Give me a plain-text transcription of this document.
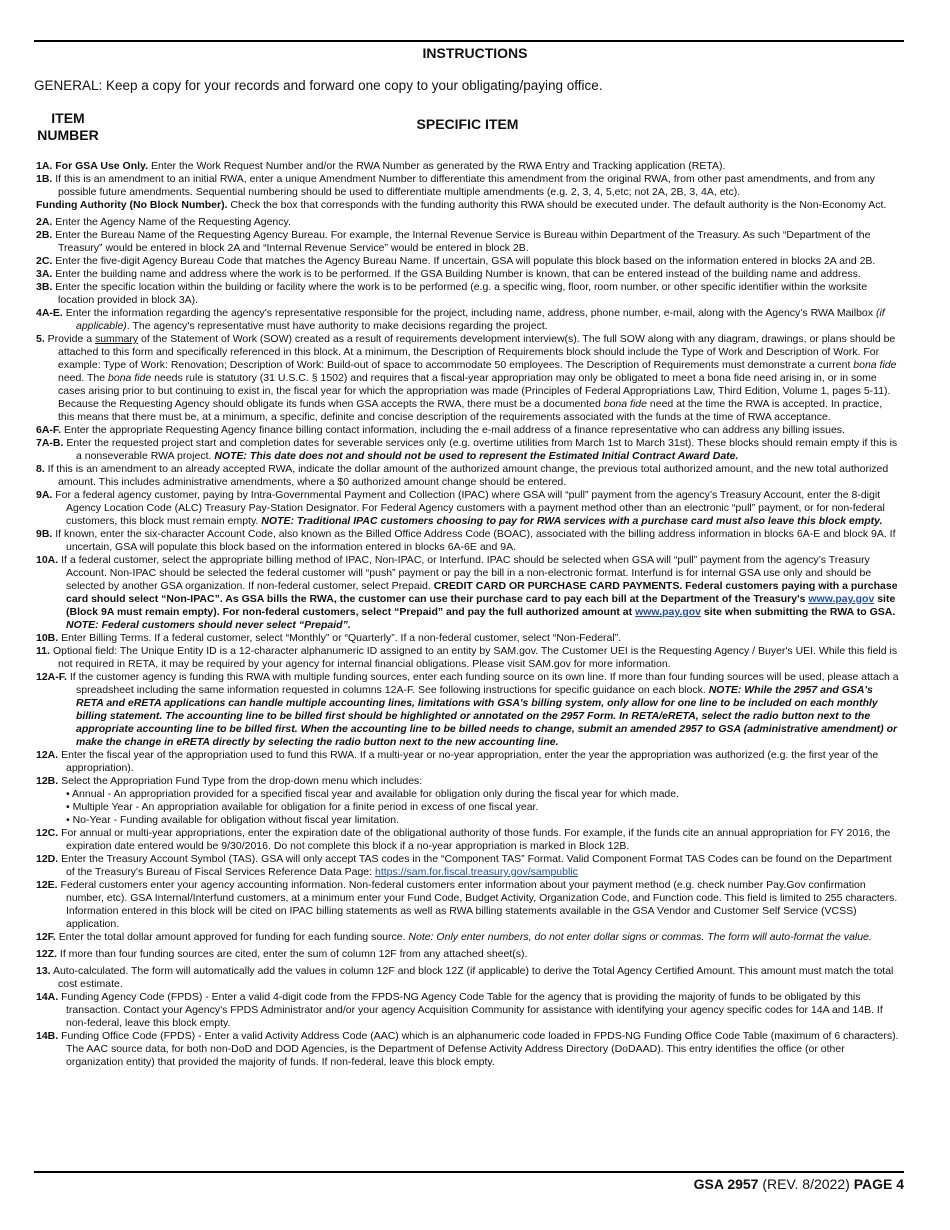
INSTRUCTIONS
GENERAL: Keep a copy for your records and forward one copy to your obligating/paying office.
ITEM
NUMBER
SPECIFIC ITEM
1A. For GSA Use Only. Enter the Work Request Number and/or the RWA Number as generated by the RWA Entry and Tracking application (RETA).
1B. If this is an amendment to an initial RWA, enter a unique Amendment Number to differentiate this amendment from the original RWA, from other past amendments, and from any possible future amendments. Sequential numbering should be used to differentiate multiple amendments (e.g. 2, 3, 4, 5,etc; not 2A, 2B, 3, 4A, etc).
Funding Authority (No Block Number). Check the box that corresponds with the funding authority this RWA should be executed under. The default authority is the Non-Economy Act.
2A. Enter the Agency Name of the Requesting Agency.
2B. Enter the Bureau Name of the Requesting Agency Bureau. For example, the Internal Revenue Service is Bureau within Department of the Treasury. As such “Department of the Treasury” would be entered in block 2A and “Internal Revenue Service” would be entered in block 2B.
2C. Enter the five-digit Agency Bureau Code that matches the Agency Bureau Name. If uncertain, GSA will populate this block based on the information entered in blocks 2A and 2B.
3A. Enter the building name and address where the work is to be performed. If the GSA Building Number is known, that can be entered instead of the building name and address.
3B. Enter the specific location within the building or facility where the work is to be performed (e.g. a specific wing, floor, room number, or other specific identifier within the worksite location provided in block 3A).
4A-E. Enter the information regarding the agency's representative responsible for the project, including name, address, phone number, e-mail, along with the Agency’s RWA Mailbox (if applicable). The agency's representative must have authority to make decisions regarding the project.
5. Provide a summary of the Statement of Work (SOW) created as a result of requirements development interview(s). The full SOW along with any diagram, drawings, or plans should be attached to this form and specifically referenced in this block. At a minimum, the Description of Requirements block should include the Type of Work and Description of Work. For example: Type of Work: Renovation; Description of Work: Build-out of space to accommodate 50 employees. The Description of Requirements must demonstrate a current bona fide need. The bona fide needs rule is statutory (31 U.S.C. § 1502) and requires that a fiscal-year appropriation may only be obligated to meet a bona fide need arising in, or in some cases arising prior to but continuing to exist in, the fiscal year for which the appropriation was made (Principles of Federal Appropriations Law, Third Edition, Volume 1, pages 5-11). Because the Requesting Agency should obligate its funds when GSA accepts the RWA, there must be a documented bona fide need at the time the RWA is accepted. In practice, this means that there must be, at a minimum, a specific, definite and concise description of the requirements associated with the funds at the time of RWA acceptance.
6A-F. Enter the appropriate Requesting Agency finance billing contact information, including the e-mail address of a finance representative who can address any billing issues.
7A-B. Enter the requested project start and completion dates for severable services only (e.g. overtime utilities from March 1st to March 31st). These blocks should remain empty if this is a nonseverable RWA project. NOTE: This date does not and should not be used to represent the Estimated Initial Contract Award Date.
8. If this is an amendment to an already accepted RWA, indicate the dollar amount of the authorized amount change, the previous total authorized amount, and the new total authorized amount. This includes administrative amendments, where a $0 authorized amount change should be entered.
9A. For a federal agency customer, paying by Intra-Governmental Payment and Collection (IPAC) where GSA will “pull” payment from the agency’s Treasury Account, enter the 8-digit Agency Location Code (ALC) Treasury Pay-Station Designator. For Federal Agency customers with a payment method other than an electronic “pull” payment, or for non-federal customers, this block must remain empty. NOTE: Traditional IPAC customers choosing to pay for RWA services with a purchase card must also leave this block empty.
9B. If known, enter the six-character Account Code, also known as the Billed Office Address Code (BOAC), associated with the billing address information in blocks 6A-E and block 9A. If uncertain, GSA will populate this block based on the information entered in blocks 6A-6E and 9A.
10A. If a federal customer, select the appropriate billing method of IPAC, Non-IPAC, or Interfund. IPAC should be selected when GSA will “pull” payment from the agency’s Treasury Account. Non-IPAC should be selected the federal customer will “push” payment or pay the bill in a non-electronic format. Interfund is for internal GSA use only and should be selected by another GSA organization. If non-federal customer, select Prepaid. CREDIT CARD OR PURCHASE CARD PAYMENTS. Federal customers paying with a purchase card should select “Non-IPAC”. As GSA bills the RWA, the customer can use their purchase card to pay each bill at the Department of the Treasury's www.pay.gov site (Block 9A must remain empty). For non-federal customers, select “Prepaid” and pay the full authorized amount at www.pay.gov site when submitting the RWA to GSA. NOTE: Federal customers should never select “Prepaid”.
10B. Enter Billing Terms. If a federal customer, select “Monthly” or “Quarterly”. If a non-federal customer, select “Non-Federal”.
11. Optional field: The Unique Entity ID is a 12-character alphanumeric ID assigned to an entity by SAM.gov. The Customer UEI is the Requesting Agency / Buyer's UEI. While this field is not required in RETA, it may be required by your agency for internal financial obligations. Please visit SAM.gov for more information.
12A-F. If the customer agency is funding this RWA with multiple funding sources, enter each funding source on its own line. If more than four funding sources will be used, please attach a spreadsheet including the same information requested in columns 12A-F. See following instructions for specific guidance on each block. NOTE: While the 2957 and GSA's RETA and eRETA applications can handle multiple accounting lines, limitations with GSA's billing system, only allow for one line to be included on each monthly billing statement. The accounting line to be billed first should be highlighted or annotated on the 2957 Form. In RETA/eRETA, select the radio button next to the appropriate accounting line to be billed first. When the accounting line to be billed needs to change, submit an amended 2957 to GSA (administrative amendment) or make the change in eRETA directly by selecting the radio button next to the new accounting line.
12A. Enter the fiscal year of the appropriation used to fund this RWA. If a multi-year or no-year appropriation, enter the year the appropriation was authorized (e.g. the first year of the appropriation).
12B. Select the Appropriation Fund Type from the drop-down menu which includes:
• Annual - An appropriation provided for a specified fiscal year and available for obligation only during the fiscal year for which made.
• Multiple Year - An appropriation available for obligation for a finite period in excess of one fiscal year.
• No-Year - Funding available for obligation without fiscal year limitation.
12C. For annual or multi-year appropriations, enter the expiration date of the obligational authority of those funds. For example, if the funds cite an annual appropriation for FY 2016, the expiration date entered would be 9/30/2016. Do not complete this block if a no-year appropriation is marked in Block 12B.
12D. Enter the Treasury Account Symbol (TAS). GSA will only accept TAS codes in the “Component TAS” Format. Valid Component Format TAS Codes can be found on the Department of the Treasury's Bureau of Fiscal Services Reference Data Page: https://sam.for.fiscal.treasury.gov/sampublic
12E. Federal customers enter your agency accounting information. Non-federal customers enter information about your payment method (e.g. check number Pay.Gov confirmation number, etc). GSA Internal/Interfund customers, at a minimum enter your Fund Code, Budget Activity, Organization Code, and Function code. This field is limited to 255 characters. Information entered in this block will be cited on IPAC billing statements as well as RWA billing statements available in the GSA Vendor and Customer Self Service (VCSS) application.
12F. Enter the total dollar amount approved for funding for each funding source. Note: Only enter numbers, do not enter dollar signs or commas. The form will auto-format the value.
12Z. If more than four funding sources are cited, enter the sum of column 12F from any attached sheet(s).
13. Auto-calculated. The form will automatically add the values in column 12F and block 12Z (if applicable) to derive the Total Agency Certified Amount. This amount must match the total cost estimate.
14A. Funding Agency Code (FPDS) - Enter a valid 4-digit code from the FPDS-NG Agency Code Table for the agency that is providing the majority of funds to be obligated by this transaction. Contact your Agency's FPDS Administrator and/or your agency Acquisition Community for assistance with identifying your agency specific codes for 14A and 14B. If non-federal, leave this block empty.
14B. Funding Office Code (FPDS) - Enter a valid Activity Address Code (AAC) which is an alphanumeric code loaded in FPDS-NG Funding Office Code Table (maximum of 6 characters). The AAC source data, for both non-DoD and DOD Agencies, is the Department of Defense Activity Address Directory (DoDAAD). This entry identifies the office (or other organization entity) that provided the majority of funds. If non-federal, leave this block empty.
GSA 2957 (REV. 8/2022) PAGE 4
